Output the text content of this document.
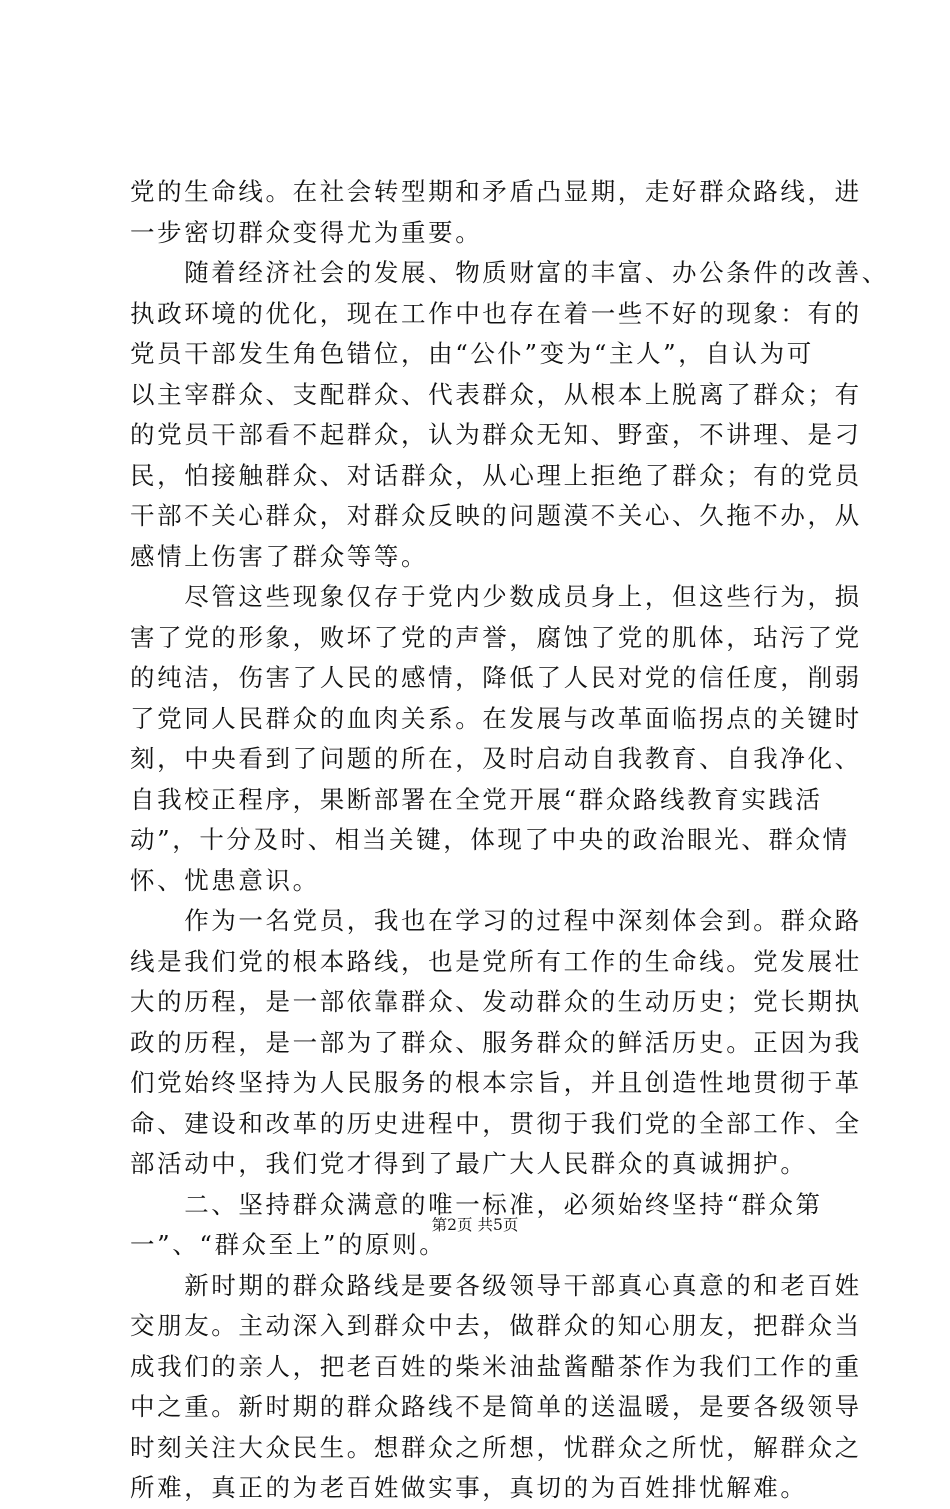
党的生命线。在社会转型期和矛盾凸显期，走好群众路线，进
一步密切群众变得尤为重要。
　　随着经济社会的发展、物质财富的丰富、办公条件的改善、
执政环境的优化，现在工作中也存在着一些不好的现象：有的
党员干部发生角色错位，由“公仆”变为“主人”，自认为可
以主宰群众、支配群众、代表群众，从根本上脱离了群众；有
的党员干部看不起群众，认为群众无知、野蛮，不讲理、是刁
民，怕接触群众、对话群众，从心理上拒绝了群众；有的党员
干部不关心群众，对群众反映的问题漠不关心、久拖不办，从
感情上伤害了群众等等。
　　尽管这些现象仅存于党内少数成员身上，但这些行为，损
害了党的形象，败坏了党的声誉，腐蚀了党的肌体，玷污了党
的纯洁，伤害了人民的感情，降低了人民对党的信任度，削弱
了党同人民群众的血肉关系。在发展与改革面临拐点的关键时
刻，中央看到了问题的所在，及时启动自我教育、自我净化、
自我校正程序，果断部署在全党开展“群众路线教育实践活
动”，十分及时、相当关键，体现了中央的政治眼光、群众情
怀、忧患意识。
　　作为一名党员，我也在学习的过程中深刻体会到。群众路
线是我们党的根本路线，也是党所有工作的生命线。党发展壮
大的历程，是一部依靠群众、发动群众的生动历史；党长期执
政的历程，是一部为了群众、服务群众的鲜活历史。正因为我
们党始终坚持为人民服务的根本宗旨，并且创造性地贯彻于革
命、建设和改革的历史进程中，贯彻于我们党的全部工作、全
部活动中，我们党才得到了最广大人民群众的真诚拥护。
　　二、坚持群众满意的唯一标准，必须始终坚持“群众第
一”、“群众至上”的原则。
　　新时期的群众路线是要各级领导干部真心真意的和老百姓
交朋友。主动深入到群众中去，做群众的知心朋友，把群众当
成我们的亲人，把老百姓的柴米油盐酱醋茶作为我们工作的重
中之重。新时期的群众路线不是简单的送温暖，是要各级领导
时刻关注大众民生。想群众之所想，忧群众之所忧，解群众之
所难，真正的为老百姓做实事，真切的为百姓排忧解难。
第2页 共5页
